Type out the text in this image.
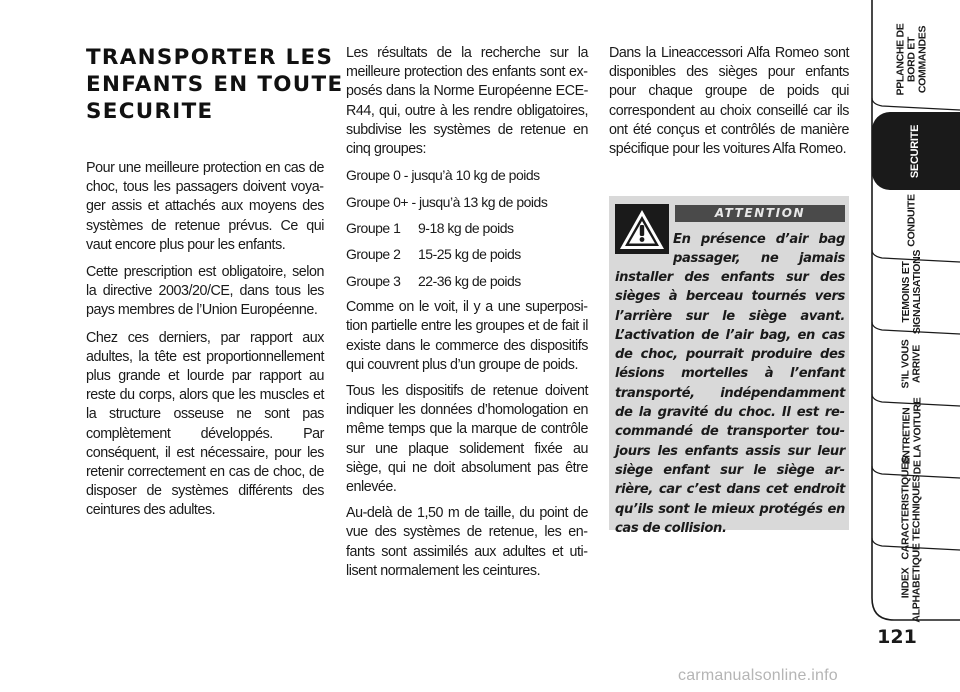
TRANSPORTER LES
ENFANTS EN TOUTE
SECURITE

Pour une meilleure protection en cas de choc, tous les passagers doivent voyager assis et attachés aux moyens des systèmes de retenue prévus. Ce qui vaut encore plus pour les enfants.

Cette prescription est obligatoire, selon la directive 2003/20/CE, dans tous les pays membres de l’Union Européenne.

Chez ces derniers, par rapport aux adultes, la tête est proportionnellement plus grande et lourde par rapport au reste du corps, alors que les muscles et la structure osseuse ne sont pas complètement développés. Par conséquent, il est nécessaire, pour les retenir correctement en cas de choc, de disposer de systèmes différents des ceintures des adultes.

Les résultats de la recherche sur la meilleure protection des enfants sont exposés dans la Norme Européenne ECE-R44, qui, outre à les rendre obligatoires, subdivise les systèmes de retenue en cinq groupes:

Groupe 0 - jusqu’à 10 kg de poids
Groupe 0+ - jusqu’à 13 kg de poids
Groupe 1 9-18 kg de poids
Groupe 2 15-25 kg de poids
Groupe 3 22-36 kg de poids

Comme on le voit, il y a une superposition partielle entre les groupes et de fait il existe dans le commerce des dispositifs qui couvrent plus d’un groupe de poids.

Tous les dispositifs de retenue doivent indiquer les données d’homologation en même temps que la marque de contrôle sur une plaque solidement fixée au siège, qui ne doit absolument pas être enlevée.

Au-delà de 1,50 m de taille, du point de vue des systèmes de retenue, les enfants sont assimilés aux adultes et utilisent normalement les ceintures.

Dans la Lineaccessori Alfa Romeo sont disponibles des sièges pour enfants pour chaque groupe de poids qui correspondent au choix conseillé car ils ont été conçus et contrôlés de manière spécifique pour les voitures Alfa Romeo.

ATTENTION

En présence d’air bag passager, ne jamais

installer des enfants sur des sièges à berceau tournés vers l’arrière sur le siège avant. L’activation de l’air bag, en cas de choc, pourrait produire des lésions mortelles à l’enfant transporté, indépendamment de la gravité du choc. Il est recommandé de transporter toujours les enfants assis sur leur siège enfant sur le siège arrière, car c’est dans cet endroit qu’ils sont le mieux protégés en cas de collision.

PPLANCHE DE BORD ET COMMANDES
SECURITE
CONDUITE
TEMOINS ET SIGNALISATIONS
S’IL VOUS ARRIVE
ENTRETIEN DE LA VOITURE
CARACTERISTIQUES TECHNIQUES
INDEX ALPHABETIQUE
121
carmanualsonline.info
